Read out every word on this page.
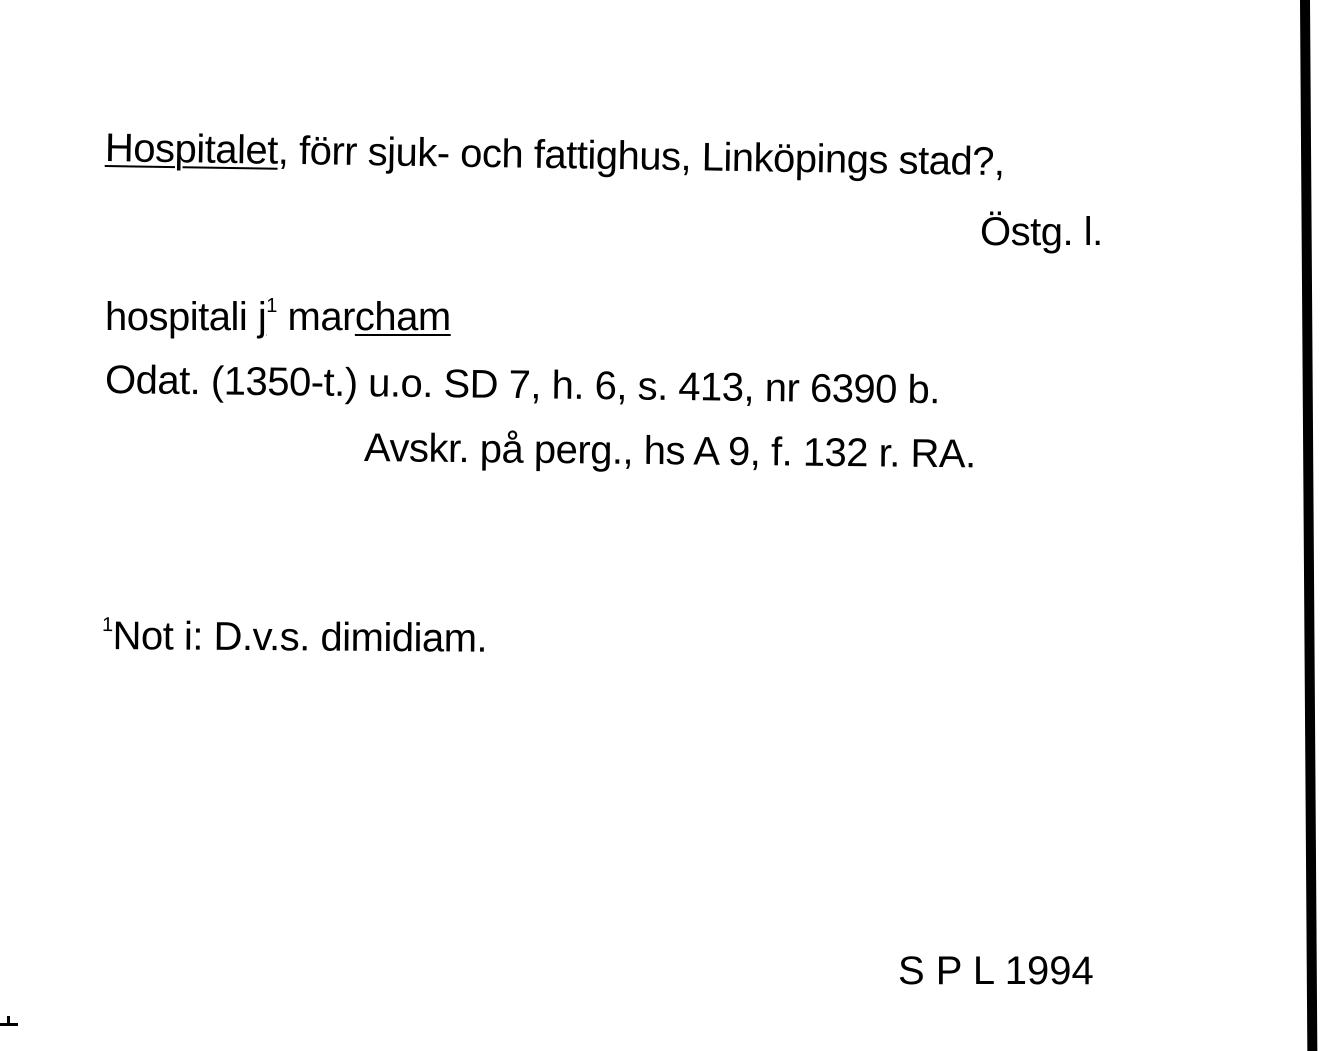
Hospitalet, förr sjuk- och fattighus, Linköpings stad?,
Östg. l.
hospitali $j^1$ marcham
Odat. (1350-t.) u.o. SD 7, h. 6, s. 413, nr 6390 b.
Avskr. på perg., hs A 9, f. 132 r. RA.
$^1$Not i: D.v.s. dimidiam.
S P L 1994
